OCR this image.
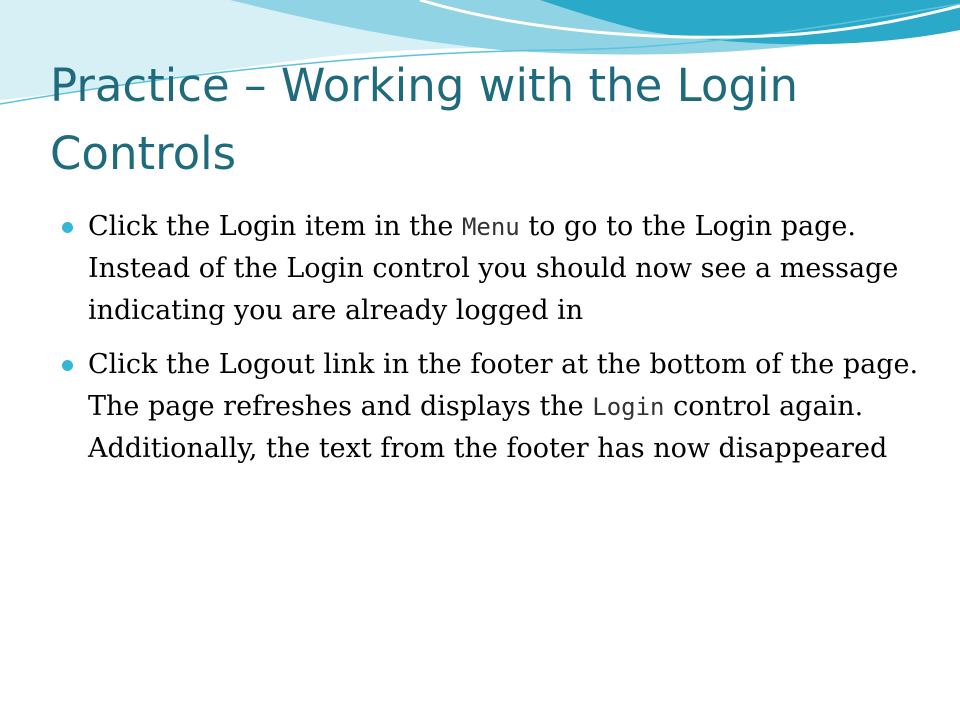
Practice – Working with the Login Controls
Click the Login item in the Menu to go to the Login page. Instead of the Login control you should now see a message indicating you are already logged in
Click the Logout link in the footer at the bottom of the page. The page refreshes and displays the Login control again. Additionally, the text from the footer has now disappeared
